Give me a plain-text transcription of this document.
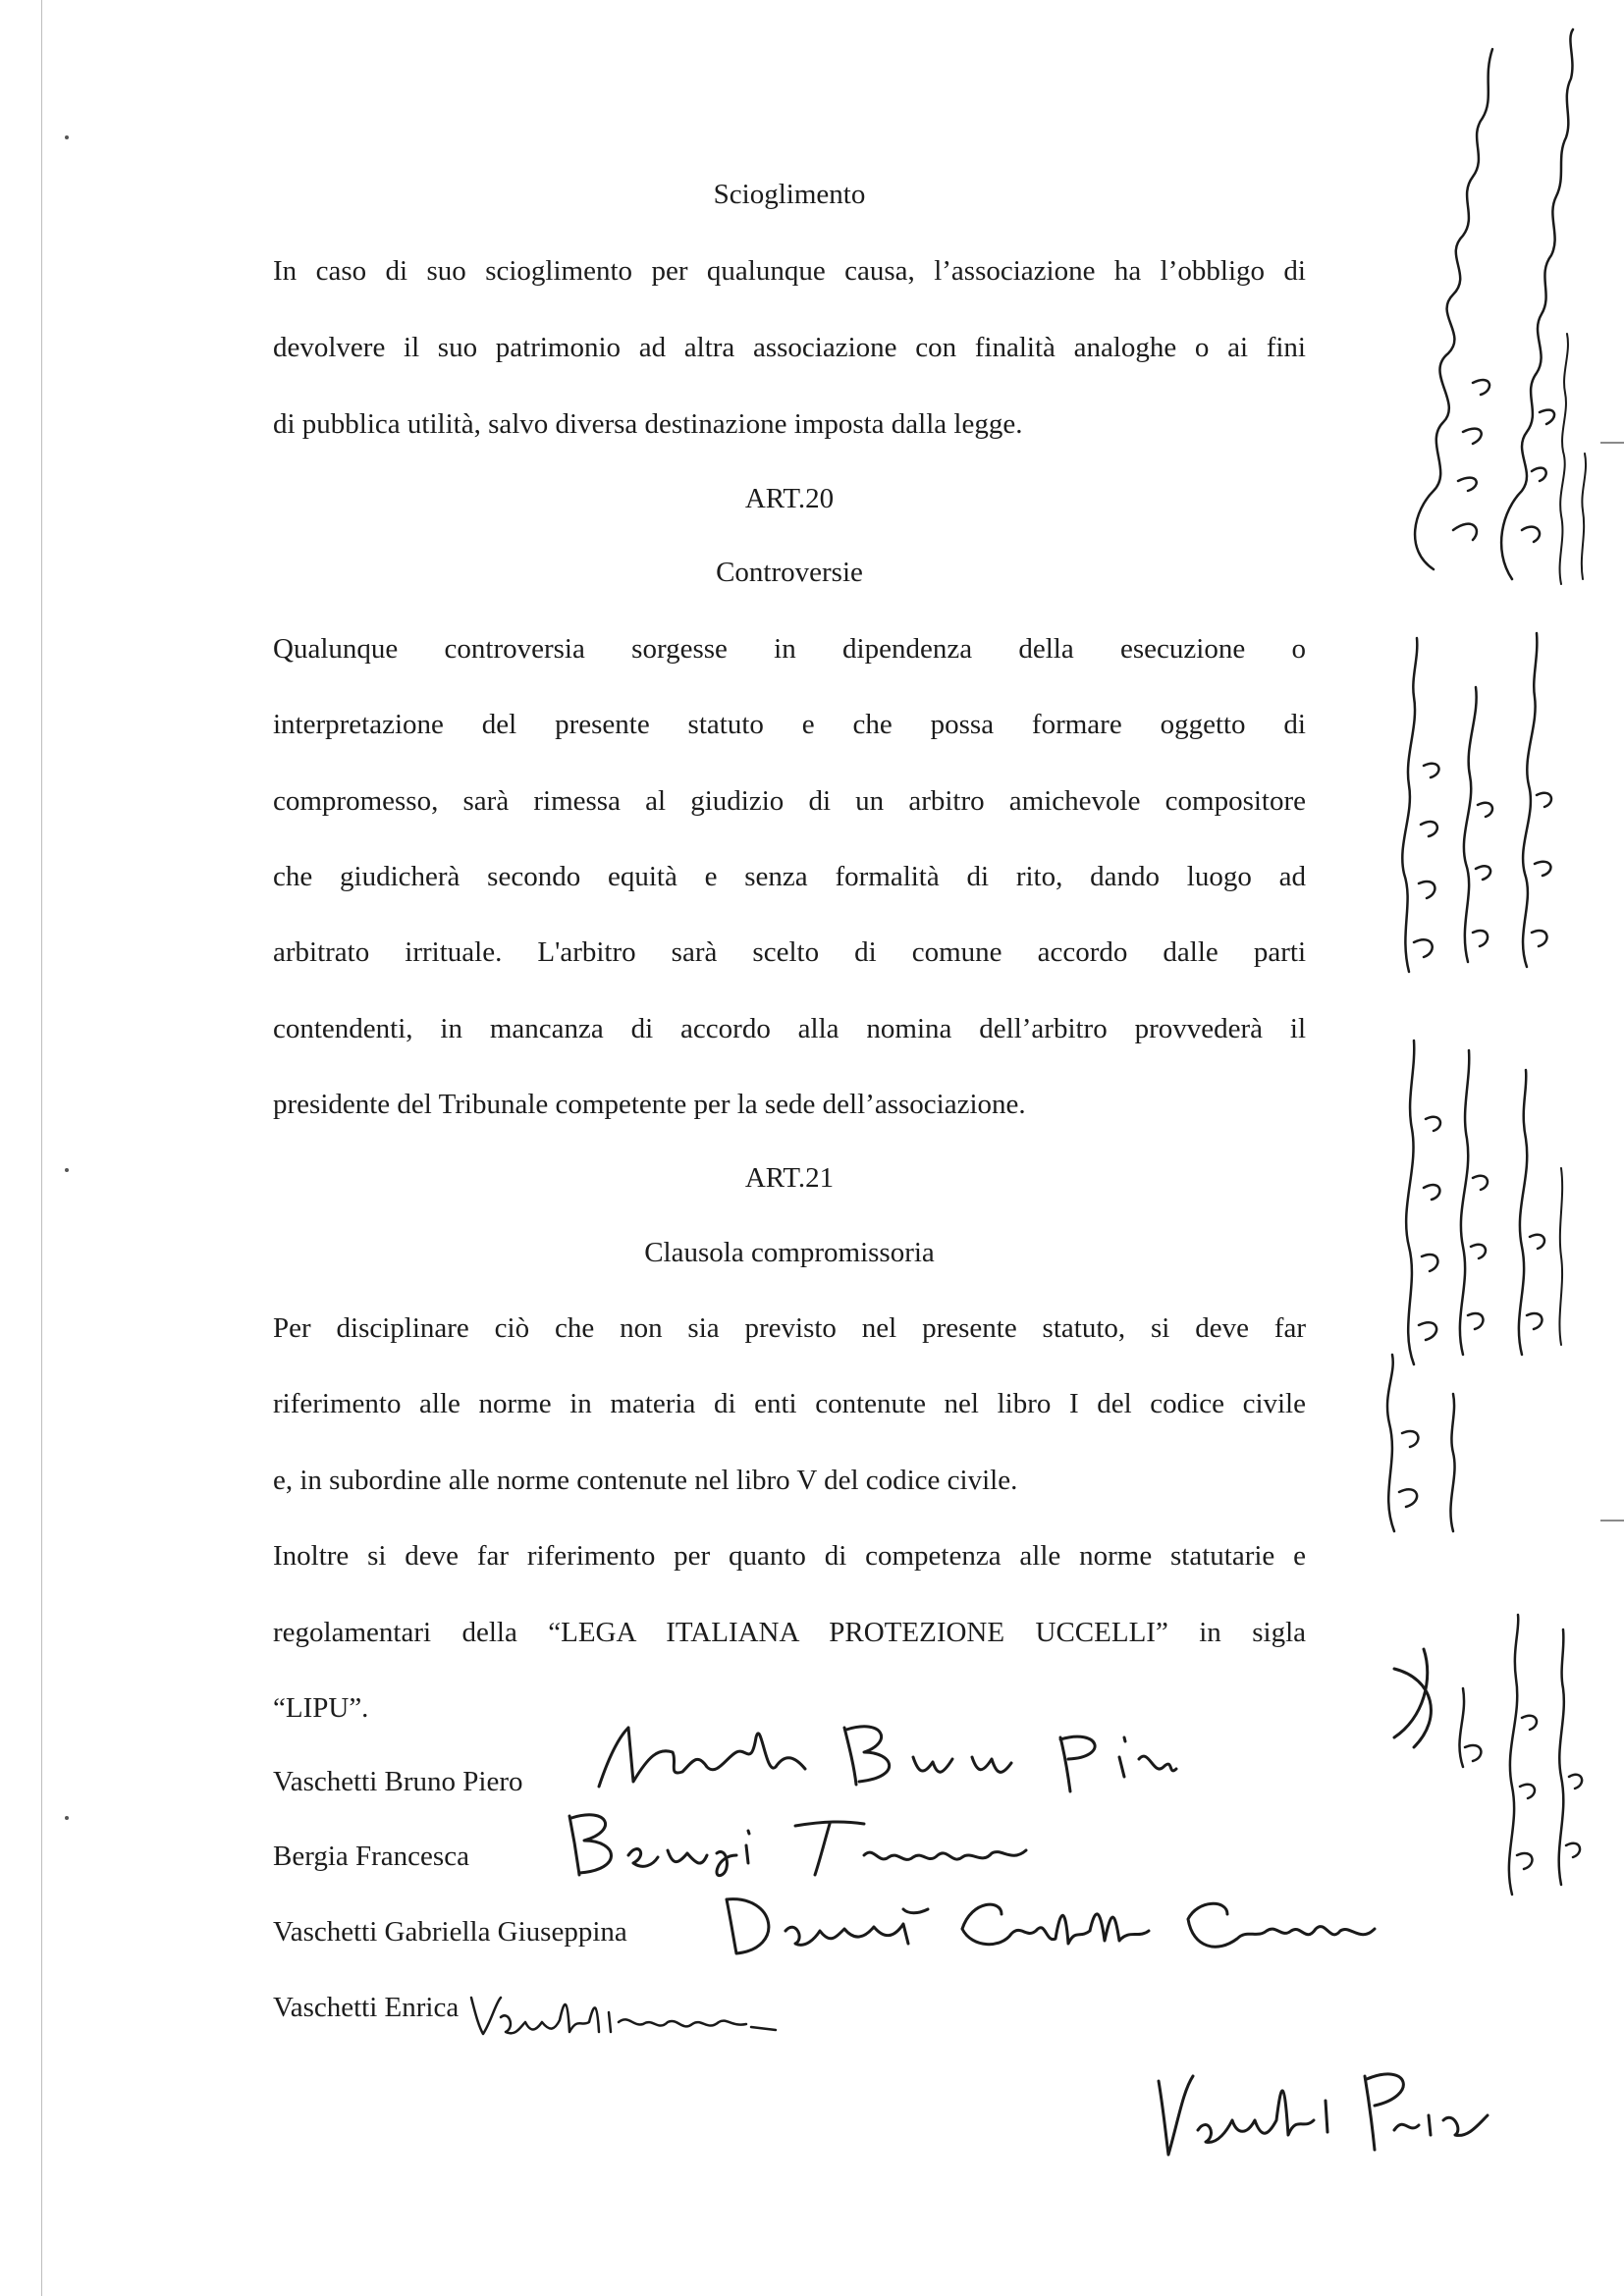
Scioglimento
In caso di suo scioglimento per qualunque causa, l’associazione ha l’obbligo di
devolvere il suo patrimonio ad altra associazione con finalità analoghe o ai fini
di pubblica utilità, salvo diversa destinazione imposta dalla legge.
ART.20
Controversie
Qualunque controversia sorgesse in dipendenza della esecuzione o
interpretazione del presente statuto e che possa formare oggetto di
compromesso, sarà rimessa al giudizio di un arbitro amichevole compositore
che giudicherà secondo equità e senza formalità di rito, dando luogo ad
arbitrato irrituale. L'arbitro sarà scelto di comune accordo dalle parti
contendenti, in mancanza di accordo alla nomina dell’arbitro provvederà il
presidente del Tribunale competente per la sede dell’associazione.
ART.21
Clausola compromissoria
Per disciplinare ciò che non sia previsto nel presente statuto, si deve far
riferimento alle norme in materia di enti contenute nel libro I del codice civile
e, in subordine alle norme contenute nel libro V del codice civile.
Inoltre si deve far riferimento per quanto di competenza alle norme statutarie e
regolamentari della “LEGA ITALIANA PROTEZIONE UCCELLI” in sigla
“LIPU”.
Vaschetti Bruno Piero
Bergia Francesca
Vaschetti Gabriella Giuseppina
Vaschetti Enrica
